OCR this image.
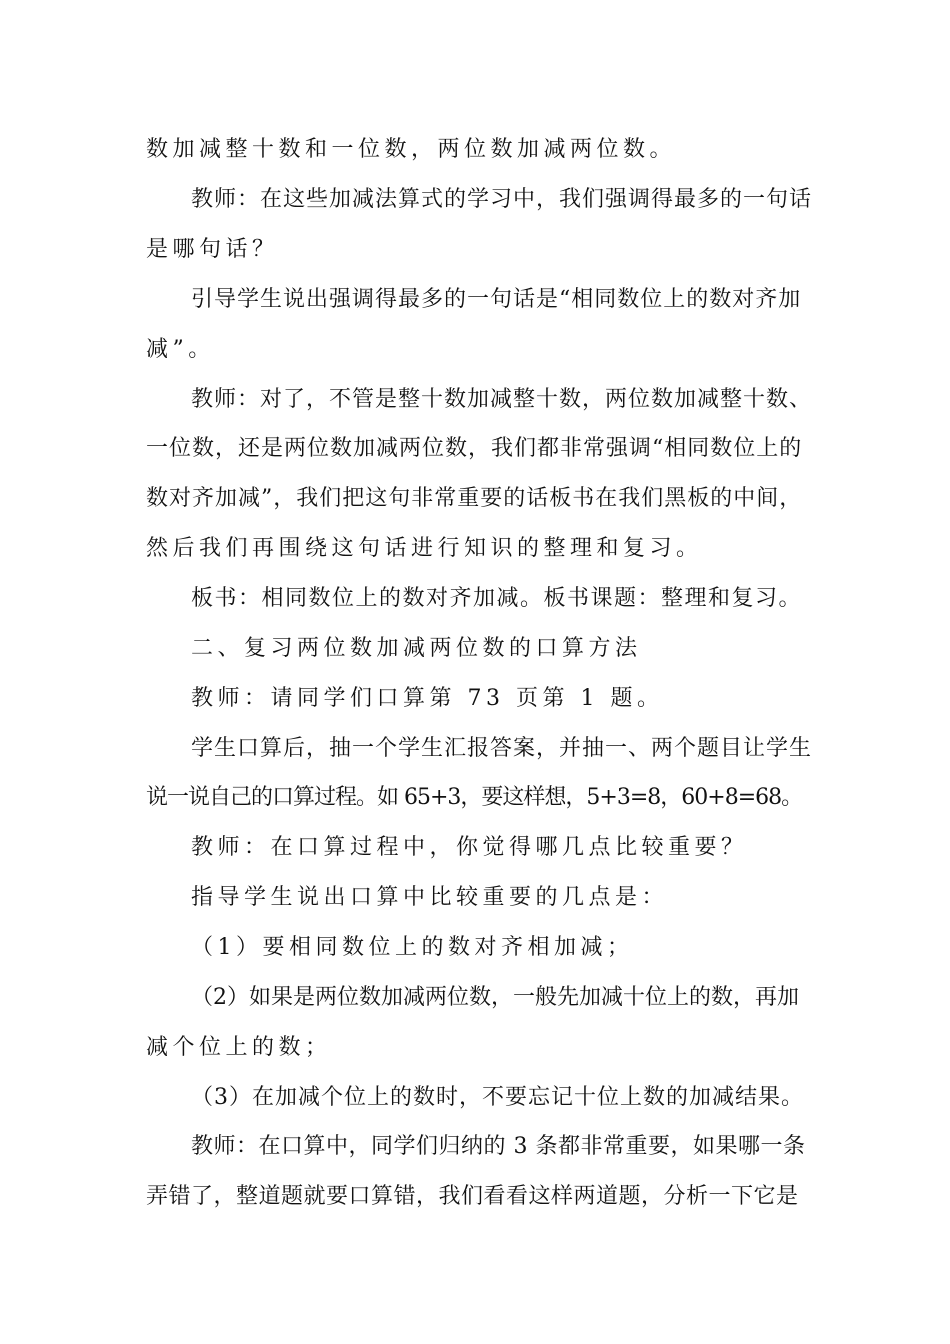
数加减整十数和一位数，两位数加减两位数。
教师：在这些加减法算式的学习中，我们强调得最多的一句话
是哪句话？
引导学生说出强调得最多的一句话是“相同数位上的数对齐加
减”。
教师：对了，不管是整十数加减整十数，两位数加减整十数、
一位数，还是两位数加减两位数，我们都非常强调“相同数位上的
数对齐加减”，我们把这句非常重要的话板书在我们黑板的中间，
然后我们再围绕这句话进行知识的整理和复习。
板书：相同数位上的数对齐加减。板书课题：整理和复习。
二、复习两位数加减两位数的口算方法
教师：请同学们口算第 73 页第 1 题。
学生口算后，抽一个学生汇报答案，并抽一、两个题目让学生
说一说自己的口算过程。如 65+3，要这样想，5+3=8，60+8=68。
教师：在口算过程中，你觉得哪几点比较重要？
指导学生说出口算中比较重要的几点是：
（1）要相同数位上的数对齐相加减；
（2）如果是两位数加减两位数，一般先加减十位上的数，再加
减个位上的数；
（3）在加减个位上的数时，不要忘记十位上数的加减结果。
教师：在口算中，同学们归纳的 3 条都非常重要，如果哪一条
弄错了，整道题就要口算错，我们看看这样两道题，分析一下它是
